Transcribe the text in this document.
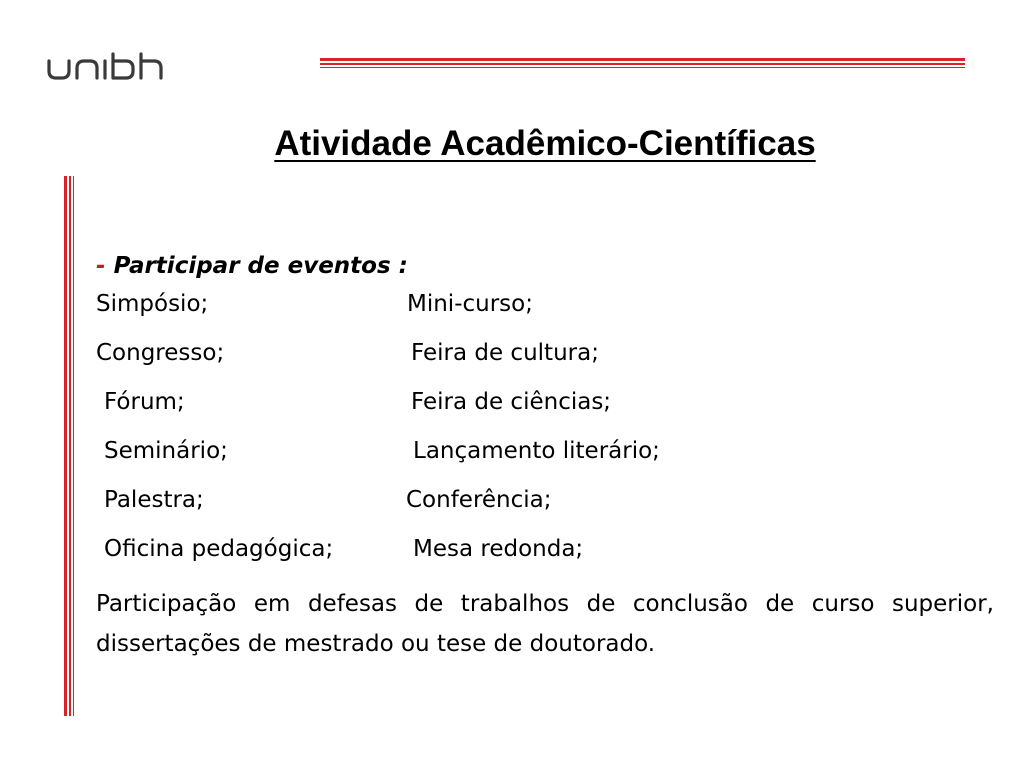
Atividade Acadêmico-Científicas
- Participar de eventos :
Simpósio;	Mini-curso;
Congresso;	Feira de cultura;
Fórum;	Feira de ciências;
Seminário;	Lançamento literário;
Palestra;	Conferência;
Oficina pedagógica;	Mesa redonda;
Participação em defesas de trabalhos de conclusão de curso superior, dissertações de mestrado ou tese de doutorado.
